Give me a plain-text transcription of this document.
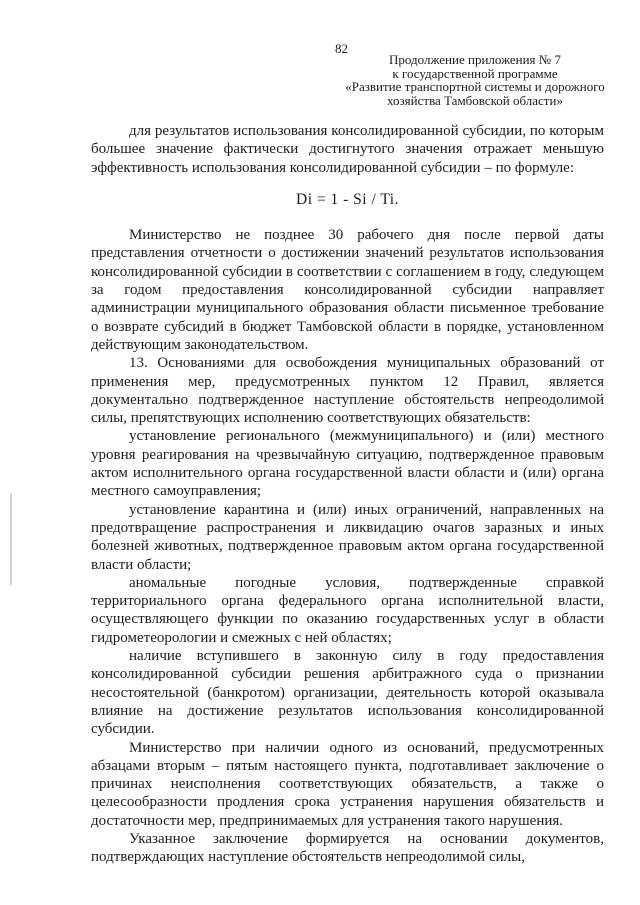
82
Продолжение приложения № 7
к государственной программе
«Развитие транспортной системы и дорожного
хозяйства Тамбовской области»

для результатов использования консолидированной субсидии, по которым большее значение фактически достигнутого значения отражает меньшую эффективность использования консолидированной субсидии – по формуле:

Di = 1 - Si / Ti.

Министерство не позднее 30 рабочего дня после первой даты представления отчетности о достижении значений результатов использования консолидированной субсидии в соответствии с соглашением в году, следующем за годом предоставления консолидированной субсидии направляет администрации муниципального образования области письменное требование о возврате субсидий в бюджет Тамбовской области в порядке, установленном действующим законодательством.

13. Основаниями для освобождения муниципальных образований от применения мер, предусмотренных пунктом 12 Правил, является документально подтвержденное наступление обстоятельств непреодолимой силы, препятствующих исполнению соответствующих обязательств:

установление регионального (межмуниципального) и (или) местного уровня реагирования на чрезвычайную ситуацию, подтвержденное правовым актом исполнительного органа государственной власти области и (или) органа местного самоуправления;

установление карантина и (или) иных ограничений, направленных на предотвращение распространения и ликвидацию очагов заразных и иных болезней животных, подтвержденное правовым актом органа государственной власти области;

аномальные погодные условия, подтвержденные справкой территориального органа федерального органа исполнительной власти, осуществляющего функции по оказанию государственных услуг в области гидрометеорологии и смежных с ней областях;

наличие вступившего в законную силу в году предоставления консолидированной субсидии решения арбитражного суда о признании несостоятельной (банкротом) организации, деятельность которой оказывала влияние на достижение результатов использования консолидированной субсидии.

Министерство при наличии одного из оснований, предусмотренных абзацами вторым – пятым настоящего пункта, подготавливает заключение о причинах неисполнения соответствующих обязательств, а также о целесообразности продления срока устранения нарушения обязательств и достаточности мер, предпринимаемых для устранения такого нарушения.

Указанное заключение формируется на основании документов, подтверждающих наступление обстоятельств непреодолимой силы,
